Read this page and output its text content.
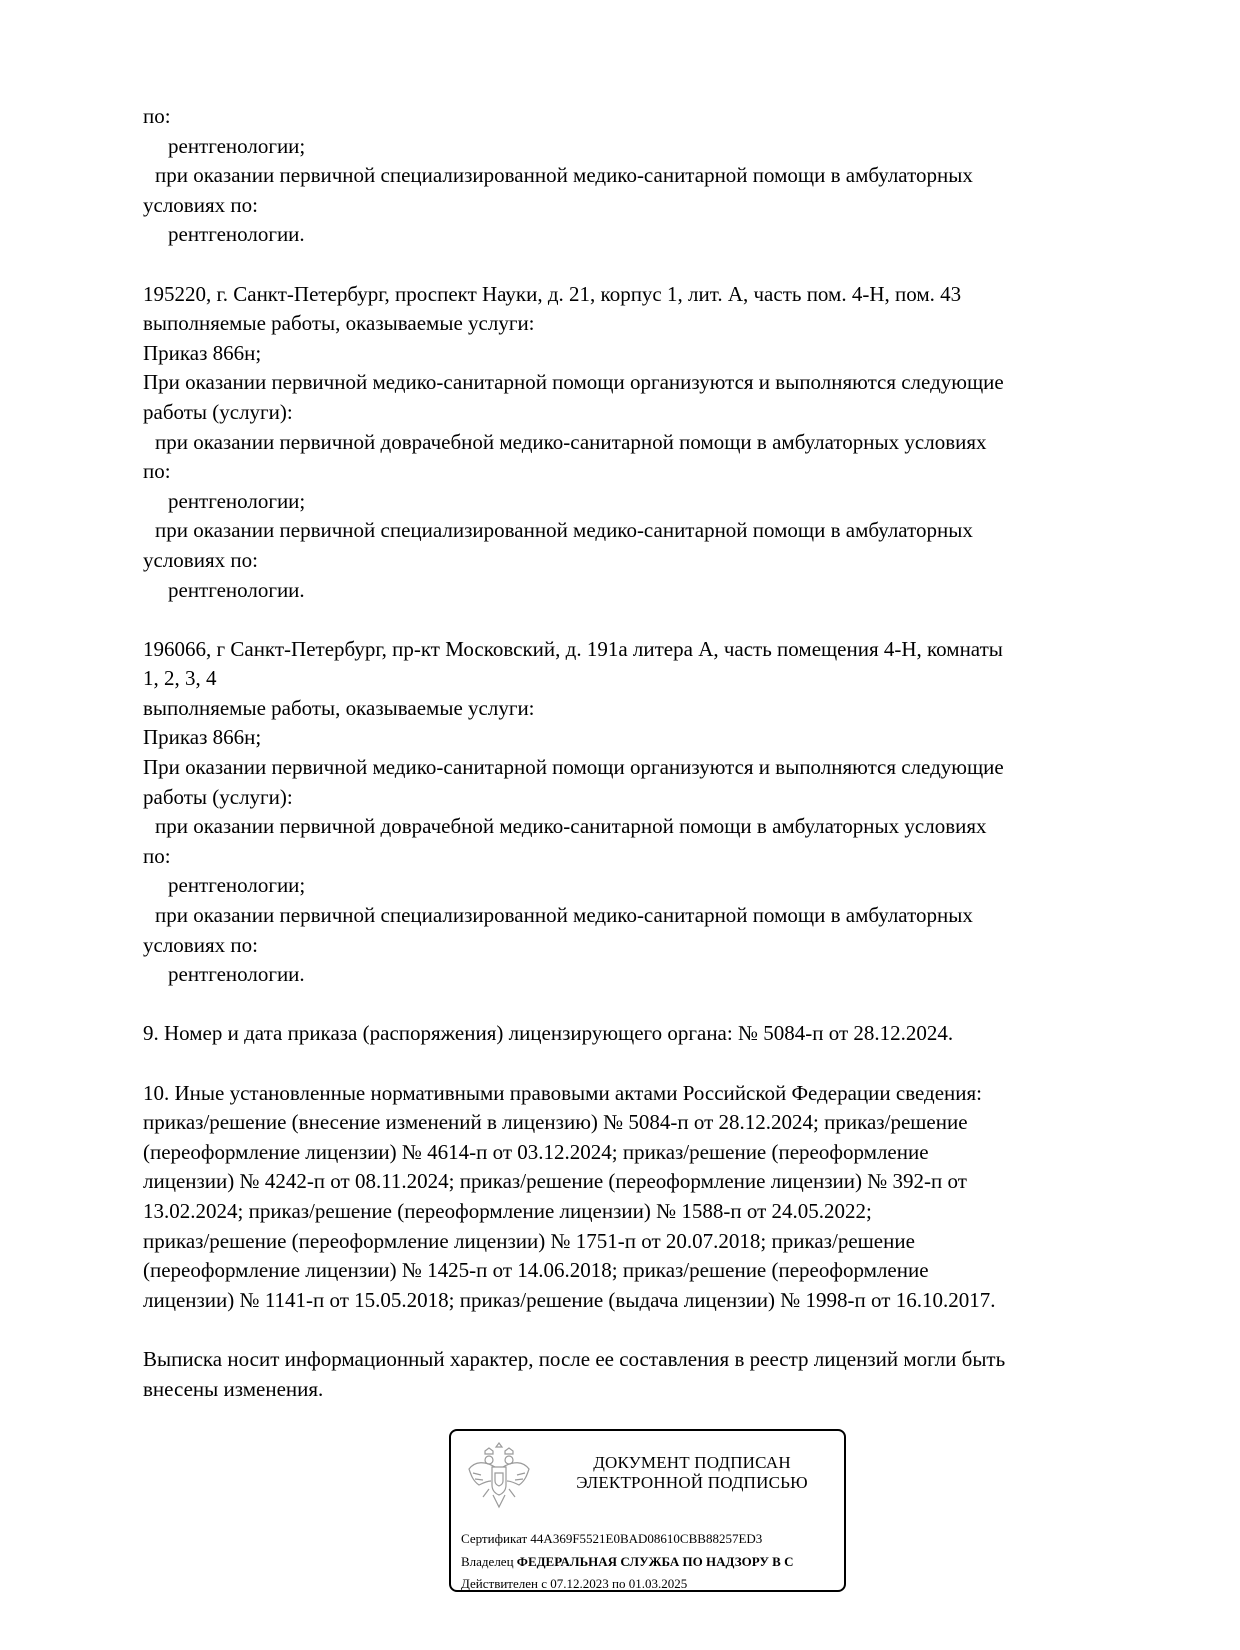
по:
рентгенологии;
при оказании первичной специализированной медико-санитарной помощи в амбулаторных
условиях по:
рентгенологии.
195220, г. Санкт-Петербург, проспект Науки, д. 21, корпус 1, лит. А, часть пом. 4-Н, пом. 43
выполняемые работы, оказываемые услуги:
Приказ 866н;
При оказании первичной медико-санитарной помощи организуются и выполняются следующие
работы (услуги):
при оказании первичной доврачебной медико-санитарной помощи в амбулаторных условиях
по:
рентгенологии;
при оказании первичной специализированной медико-санитарной помощи в амбулаторных
условиях по:
рентгенологии.
196066, г Санкт-Петербург, пр-кт Московский, д. 191а литера А, часть помещения 4-Н, комнаты
1, 2, 3, 4
выполняемые работы, оказываемые услуги:
Приказ 866н;
При оказании первичной медико-санитарной помощи организуются и выполняются следующие
работы (услуги):
при оказании первичной доврачебной медико-санитарной помощи в амбулаторных условиях
по:
рентгенологии;
при оказании первичной специализированной медико-санитарной помощи в амбулаторных
условиях по:
рентгенологии.
9. Номер и дата приказа (распоряжения) лицензирующего органа: № 5084-п от 28.12.2024.
10. Иные установленные нормативными правовыми актами Российской Федерации сведения:
приказ/решение (внесение изменений в лицензию) № 5084-п от 28.12.2024; приказ/решение
(переоформление лицензии) № 4614-п от 03.12.2024; приказ/решение (переоформление
лицензии) № 4242-п от 08.11.2024; приказ/решение (переоформление лицензии) № 392-п от
13.02.2024; приказ/решение (переоформление лицензии) № 1588-п от 24.05.2022;
приказ/решение (переоформление лицензии) № 1751-п от 20.07.2018; приказ/решение
(переоформление лицензии) № 1425-п от 14.06.2018; приказ/решение (переоформление
лицензии) № 1141-п от 15.05.2018; приказ/решение (выдача лицензии) № 1998-п от 16.10.2017.
Выписка носит информационный характер, после ее составления в реестр лицензий могли быть
внесены изменения.
ДОКУМЕНТ ПОДПИСАН
ЭЛЕКТРОННОЙ ПОДПИСЬЮ
Сертификат 44A369F5521E0BAD08610CBB88257ED3
Владелец ФЕДЕРАЛЬНАЯ СЛУЖБА ПО НАДЗОРУ В С
Действителен с 07.12.2023 по 01.03.2025
